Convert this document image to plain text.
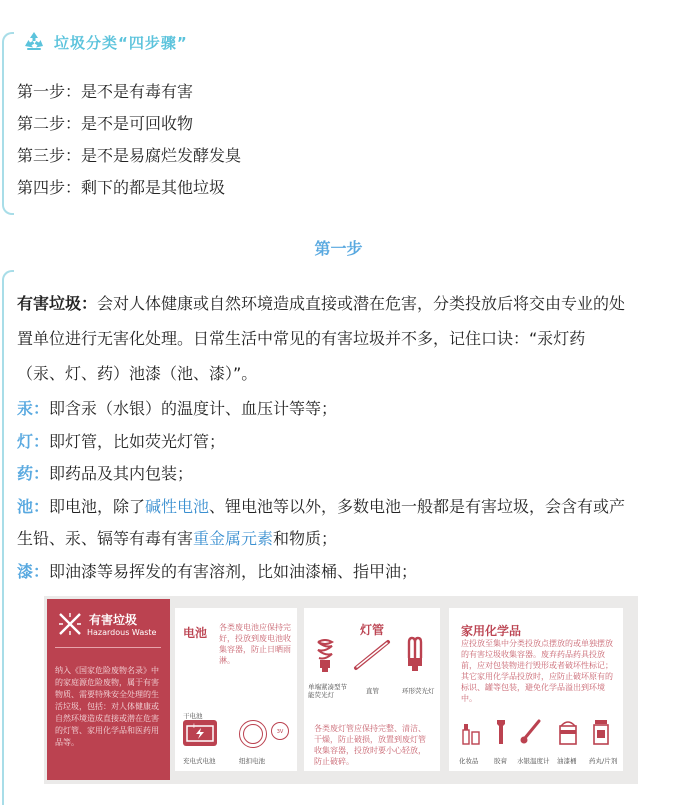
垃圾分类“四步骤”
第一步：是不是有毒有害
第二步：是不是可回收物
第三步：是不是易腐烂发酵发臭
第四步：剩下的都是其他垃圾
第一步
有害垃圾：会对人体健康或自然环境造成直接或潜在危害，分类投放后将交由专业的处
置单位进行无害化处理。日常生活中常见的有害垃圾并不多，记住口诀：“汞灯药
（汞、灯、药）池漆（池、漆）”。
汞：即含汞（水银）的温度计、血压计等等；
灯：即灯管，比如荧光灯管；
药：即药品及其内包装；
池：即电池，除了碱性电池、锂电池等以外，多数电池一般都是有害垃圾，会含有或产
生铅、汞、镉等有毒有害重金属元素和物质；
漆：即油漆等易挥发的有害溶剂，比如油漆桶、指甲油；
有害垃圾
Hazardous Waste
纳入《国家危险废物名录》中的家庭源危险废物，属于有害物质、需要特殊安全处理的生活垃圾，包括：对人体健康或自然环境造成直接或潜在危害的灯管、家用化学品和医药用品等。
电池 各类废电池应保持完好，投放到废电池收集容器，防止日晒雨淋。
干电池
+
3V
充电式电池	纽扣电池
灯管
单端紧凑型节能荧光灯	直管	环形荧光灯
各类废灯管应保持完整、清洁、干燥，防止破损，放置到废灯管收集容器，投放时要小心轻放，防止破碎。
家用化学品
应投放至集中分类投放点摆放的或单独摆放的有害垃圾收集容器。废弃药品药具投放前，应对包装物进行毁形或者破坏性标记；其它家用化学品投放时，应防止破坏原有的标识、罐等包装，避免化学品溢出到环境中。
化妆品 胶膏 水银温度计 油漆桶 药丸/片剂
